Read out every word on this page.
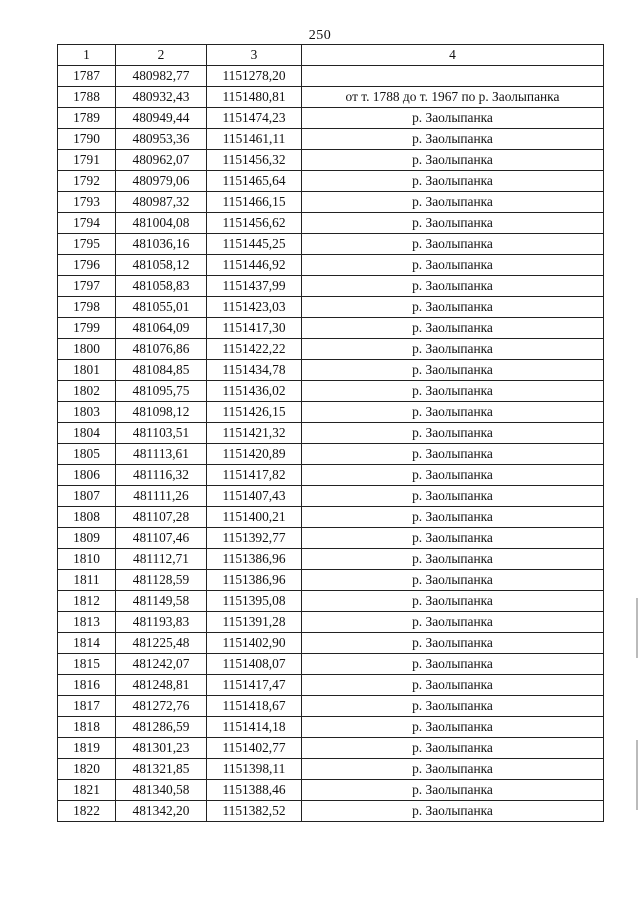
250
1	2	3	4
1787	480982,77	1151278,20	
1788	480932,43	1151480,81	от т. 1788 до т. 1967 по р. Заолыпанка
1789	480949,44	1151474,23	р. Заолыпанка
1790	480953,36	1151461,11	р. Заолыпанка
1791	480962,07	1151456,32	р. Заолыпанка
1792	480979,06	1151465,64	р. Заолыпанка
1793	480987,32	1151466,15	р. Заолыпанка
1794	481004,08	1151456,62	р. Заолыпанка
1795	481036,16	1151445,25	р. Заолыпанка
1796	481058,12	1151446,92	р. Заолыпанка
1797	481058,83	1151437,99	р. Заолыпанка
1798	481055,01	1151423,03	р. Заолыпанка
1799	481064,09	1151417,30	р. Заолыпанка
1800	481076,86	1151422,22	р. Заолыпанка
1801	481084,85	1151434,78	р. Заолыпанка
1802	481095,75	1151436,02	р. Заолыпанка
1803	481098,12	1151426,15	р. Заолыпанка
1804	481103,51	1151421,32	р. Заолыпанка
1805	481113,61	1151420,89	р. Заолыпанка
1806	481116,32	1151417,82	р. Заолыпанка
1807	481111,26	1151407,43	р. Заолыпанка
1808	481107,28	1151400,21	р. Заолыпанка
1809	481107,46	1151392,77	р. Заолыпанка
1810	481112,71	1151386,96	р. Заолыпанка
1811	481128,59	1151386,96	р. Заолыпанка
1812	481149,58	1151395,08	р. Заолыпанка
1813	481193,83	1151391,28	р. Заолыпанка
1814	481225,48	1151402,90	р. Заолыпанка
1815	481242,07	1151408,07	р. Заолыпанка
1816	481248,81	1151417,47	р. Заолыпанка
1817	481272,76	1151418,67	р. Заолыпанка
1818	481286,59	1151414,18	р. Заолыпанка
1819	481301,23	1151402,77	р. Заолыпанка
1820	481321,85	1151398,11	р. Заолыпанка
1821	481340,58	1151388,46	р. Заолыпанка
1822	481342,20	1151382,52	р. Заолыпанка
